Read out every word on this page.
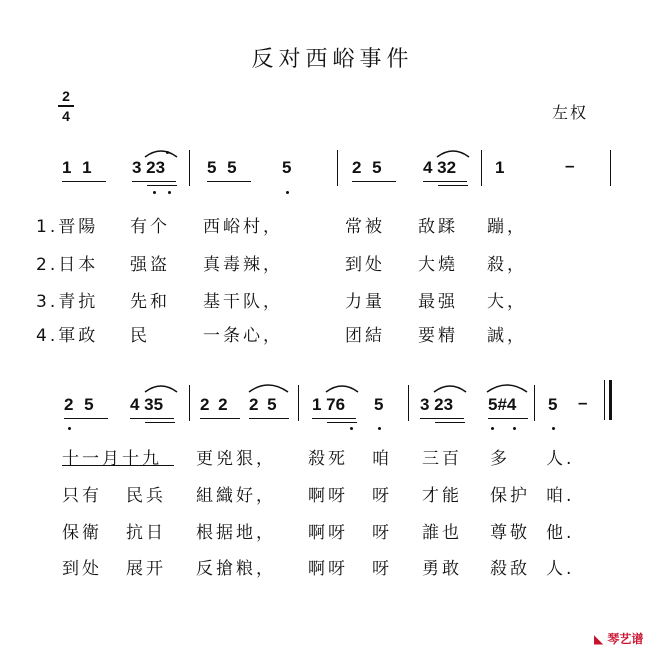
反对西峪事件
2
4	左权
1 1 3 23 5 5	5	2 5 4 32 1	–
1.晋陽 有个 西峪村，	常被 敌蹂 蹦，
2.日本 强盗 真毒辣，	到处 大燒 殺，
3.青抗 先和 基干队，	力量 最强 大，
4.軍政 民	一条心，	团結 要精 誠，
2 5 4 35 2 2 2 5 1 76 5 3 23 5#4 5 –
十一月十九 更兇狠， 殺死 咱 三百 多 人.
只有 民兵 組織好， 啊呀 呀 才能 保护 咱.
保衛 抗日 根据地， 啊呀 呀 誰也 尊敬 他.
到处 展开 反搶粮， 啊呀 呀 勇敢 殺敌 人.
◣ 琴艺谱
